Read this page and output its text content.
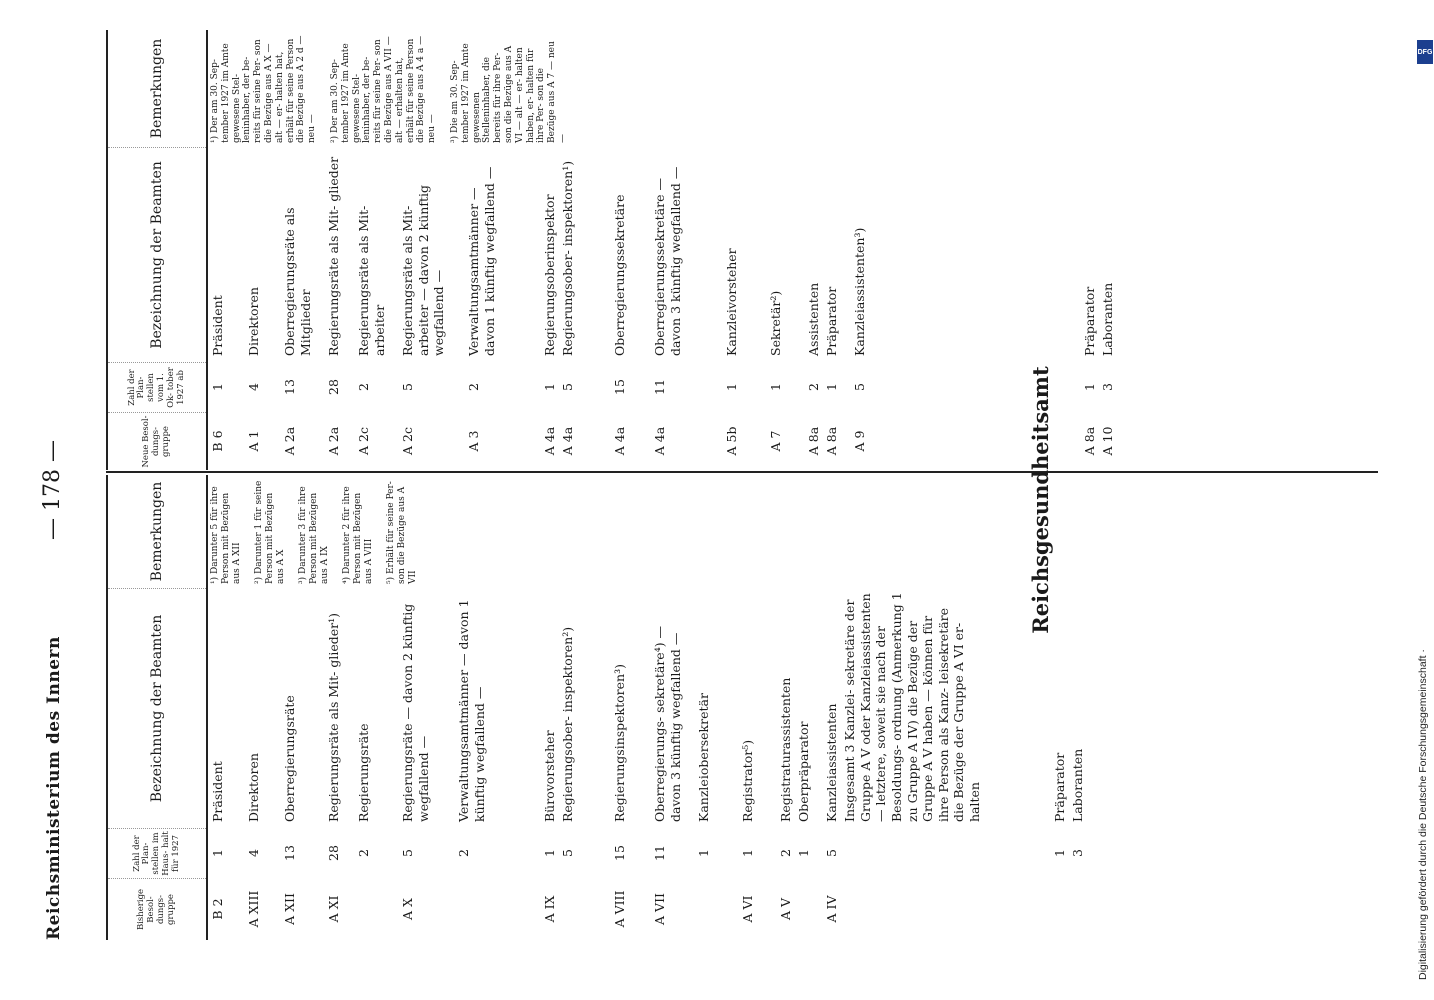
Reichsministerium des Innern
— 178 —
Bisherige Besol- dungs- gruppe
Zahl der Plan- stellen im Haus- halt für 1927
Bezeichnung der Beamten
Bemerkungen
B 2
1
Präsident
A XIII
4
Direktoren
A XII
13
Oberregierungsräte
A XI
28
Regierungsräte als Mit- glieder¹)
2
Regierungsräte
A X
5
Regierungsräte — davon 2 künftig wegfallend —
2
Verwaltungsamtmänner — davon 1 künftig wegfallend —
A IX
1
Bürovorsteher
5
Regierungsober- inspektoren²)
A VIII
15
Regierungsinspektoren³)
A VII
11
Oberregierungs- sekretäre⁴) — davon 3 künftig wegfallend —
1
Kanzleiobersekretär
A VI
1
Registrator⁵)
A V
2
Registraturassistenten
1
Oberpräparator
A IV
5
Kanzleiassistenten Insgesamt 3 Kanzlei- sekretäre der Gruppe A V oder Kanzleiassistenten — letztere, soweit sie nach der Besoldungs- ordnung (Anmerkung 1 zu Gruppe A IV) die Bezüge der Gruppe A V haben — können für ihre Person als Kanz- leisekretäre die Bezüge der Gruppe A VI er- halten
1
Präparator
3
Laboranten
¹) Darunter 5 für ihre Person mit Bezügen aus A XII ²) Darunter 1 für seine Person mit Bezügen aus A X ³) Darunter 3 für ihre Person mit Bezügen aus A IX ⁴) Darunter 2 für ihre Person mit Bezügen aus A VIII ⁵) Erhält für seine Per- son die Bezüge aus A VII
Neue Besol- dungs- gruppe
Zahl der Plan- stellen vom 1. Ok- tober 1927 ab
Bezeichnung der Beamten
Bemerkungen
B 6
1
Präsident
A 1
4
Direktoren
A 2a
13
Oberregierungsräte als Mitglieder
A 2a
28
Regierungsräte als Mit- glieder
A 2c
2
Regierungsräte als Mit- arbeiter
A 2c
5
Regierungsräte als Mit- arbeiter — davon 2 künftig wegfallend —
A 3
2
Verwaltungsamtmänner — davon 1 künftig wegfallend —
A 4a
1
Regierungsoberinspektor
A 4a
5
Regierungsober- inspektoren¹)
A 4a
15
Oberregierungssekretäre
A 4a
11
Oberregierungssekretäre — davon 3 künftig wegfallend —
A 5b
1
Kanzleivorsteher
A 7
1
Sekretär²)
A 8a
2
Assistenten
A 8a
1
Präparator
A 9
5
Kanzleiassistenten³)
A 8a
1
Präparator
A 10
3
Laboranten
¹) Der am 30. Sep- tember 1927 im Amte gewesene Stel- leninhaber, der be- reits für seine Per- son die Bezüge aus A X — alt — er- halten hat, erhält für seine Person die Bezüge aus A 2 d — neu — ²) Der am 30. Sep- tember 1927 im Amte gewesene Stel- leninhaber, der be- reits für seine Per- son die Bezüge aus A VII — alt — erhalten hat, erhält für seine Person die Bezüge aus A 4 a — neu — ³) Die am 30. Sep- tember 1927 im Amte gewesenen Stelleninhaber, die bereits für ihre Per- son die Bezüge aus A VI — alt — er- halten haben, er- halten für ihre Per- son die Bezüge aus A 7 — neu —
Reichsgesundheitsamt
DFG
Digitalisierung gefördert durch die Deutsche Forschungsgemeinschaft ·
